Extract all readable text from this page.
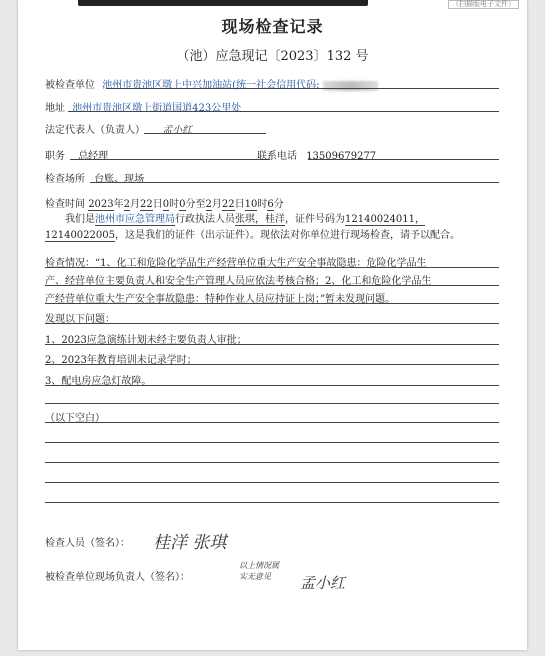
（扫描版电子文件）
现场检查记录
（池）应急现记〔2023〕132 号
被检查单位 池州市贵池区墩上中兴加油站(统一社会信用代码:
地址 池州市贵池区墩上街道国道423公里处
法定代表人（负责人） 孟小红
职务 总经理	联系电话 13509679277
检查场所 台账、现场
检查时间 2023年2月22日0时0分至2月22日10时6分
我们是池州市应急管理局行政执法人员张琪，桂洋，证件号码为12140024011，12140022005，这是我们的证件（出示证件）。现依法对你单位进行现场检查，请予以配合。
检查情况：“1、化工和危险化学品生产经营单位重大生产安全事故隐患：危险化学品生
产、经营单位主要负责人和安全生产管理人员应依法考核合格；2、化工和危险化学品生
产经营单位重大生产安全事故隐患：特种作业人员应持证上岗；”暂未发现问题。
发现以下问题：
1、2023应急演练计划未经主要负责人审批；
2、2023年教育培训未记录学时；
3、配电房应急灯故障。
（以下空白）
检查人员（签名）： 桂洋 张琪
被检查单位现场负责人（签名）：
以上情况属实无意见	孟小红
